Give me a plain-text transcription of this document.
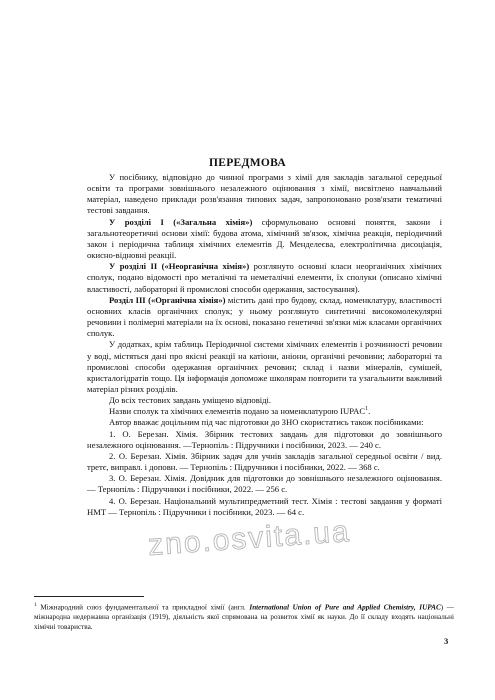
ПЕРЕДМОВА

У посібнику, відповідно до чинної програми з хімії для закладів загальної середньої освіти та програми зовнішнього незалежного оцінювання з хімії, висвітлено навчальний матеріал, наведено приклади розв'язання типових задач, запропоновано розв'язати тематичні тестові завдання.

У розділі I («Загальна хімія») сформульовано основні поняття, закони і загальнотеоретичні основи хімії: будова атома, хімічний зв'язок, хімічна реакція, періодичний закон і періодична таблиця хімічних елементів Д. Менделеєва, електролітична дисоціація, окисно-відновні реакції.

У розділі II («Неорганічна хімія») розглянуто основні класи неорганічних хімічних сполук, подано відомості про металічні та неметалічні елементи, їх сполуки (описано хімічні властивості, лабораторні й промислові способи одержання, застосування).

Розділ III («Органічна хімія») містить дані про будову, склад, номенклатуру, властивості основних класів органічних сполук; у ньому розглянуто синтетичні високомолекулярні речовини і полімерні матеріали на їх основі, показано генетичні зв'язки між класами органічних сполук.

У додатках, крім таблиць Періодичної системи хімічних елементів і розчинності речовин у воді, містяться дані про якісні реакції на катіони, аніони, органічні речовини; лабораторні та промислові способи одержання органічних речовин; склад і назви мінералів, сумішей, кристалогідратів тощо. Ця інформація допоможе школярам повторити та узагальнити важливий матеріал різних розділів.

До всіх тестових завдань уміщено відповіді.

Назви сполук та хімічних елементів подано за номенклатурою IUPAC$^1$.

Автор вважає доцільним під час підготовки до ЗНО скористатись також посібниками:

1. О. Березан. Хімія. Збірник тестових завдань для підготовки до зовнішнього незалежного оцінювання. —Тернопіль : Підручники і посібники, 2023. — 240 с.

2. О. Березан. Хімія. Збірник задач для учнів закладів загальної середньої освіти / вид. третє, виправл. і доповн. — Тернопіль : Підручники і посібники, 2022. — 368 с.

3. О. Березан. Хімія. Довідник для підготовки до зовнішнього незалежного оцінювання. — Тернопіль : Підручники і посібники, 2022. — 256 с.

4. О. Березан. Національний мультипредметний тест. Хімія : тестові завдання у форматі НМТ — Тернопіль : Підручники і посібники, 2023. — 64 с.

$^1$ Міжнародний союз фундаментальної та прикладної хімії (англ. International Union of Pure and Applied Chemistry, IUPAC) — міжнародна недержавна організація (1919), діяльність якої спрямована на розвиток хімії як науки. До її складу входять національні хімічні товариства.
3
zno.osvita.ua
